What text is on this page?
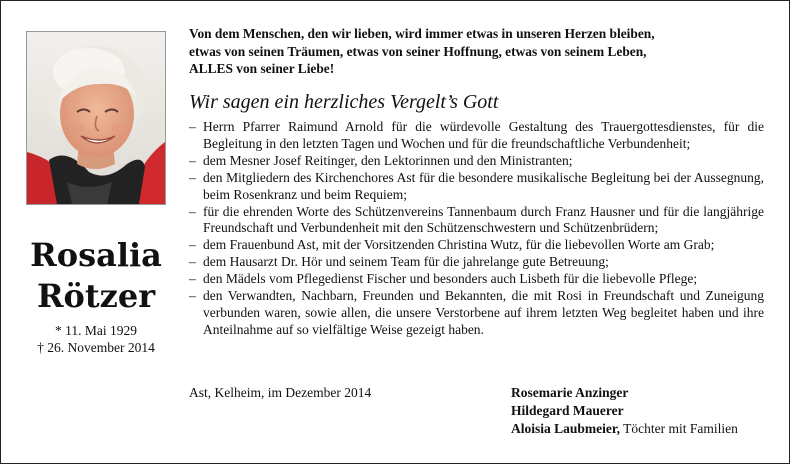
Rosalia
Rötzer
* 11. Mai 1929
† 26. November 2014
Von dem Menschen, den wir lieben, wird immer etwas in unseren Herzen bleiben,
etwas von seinen Träumen, etwas von seiner Hoffnung, etwas von seinem Leben,
ALLES von seiner Liebe!
Wir sagen ein herzliches Vergelt’s Gott
– Herrn Pfarrer Raimund Arnold für die würdevolle Gestaltung des Trauergottesdienstes, für die Begleitung in den letzten Tagen und Wochen und für die freundschaftliche Verbundenheit;
– dem Mesner Josef Reitinger, den Lektorinnen und den Ministranten;
– den Mitgliedern des Kirchenchores Ast für die besondere musikalische Begleitung bei der Aussegnung, beim Rosenkranz und beim Requiem;
– für die ehrenden Worte des Schützenvereins Tannenbaum durch Franz Hausner und für die langjährige Freundschaft und Verbundenheit mit den Schützenschwestern und Schützenbrüdern;
– dem Frauenbund Ast, mit der Vorsitzenden Christina Wutz, für die liebevollen Worte am Grab;
– dem Hausarzt Dr. Hör und seinem Team für die jahrelange gute Betreuung;
– den Mädels vom Pflegedienst Fischer und besonders auch Lisbeth für die liebevolle Pflege;
– den Verwandten, Nachbarn, Freunden und Bekannten, die mit Rosi in Freundschaft und Zuneigung verbunden waren, sowie allen, die unsere Verstorbene auf ihrem letzten Weg begleitet haben und ihre Anteilnahme auf so vielfältige Weise gezeigt haben.
Ast, Kelheim, im Dezember 2014	Rosemarie Anzinger
Hildegard Mauerer
Aloisia Laubmeier, Töchter mit Familien
